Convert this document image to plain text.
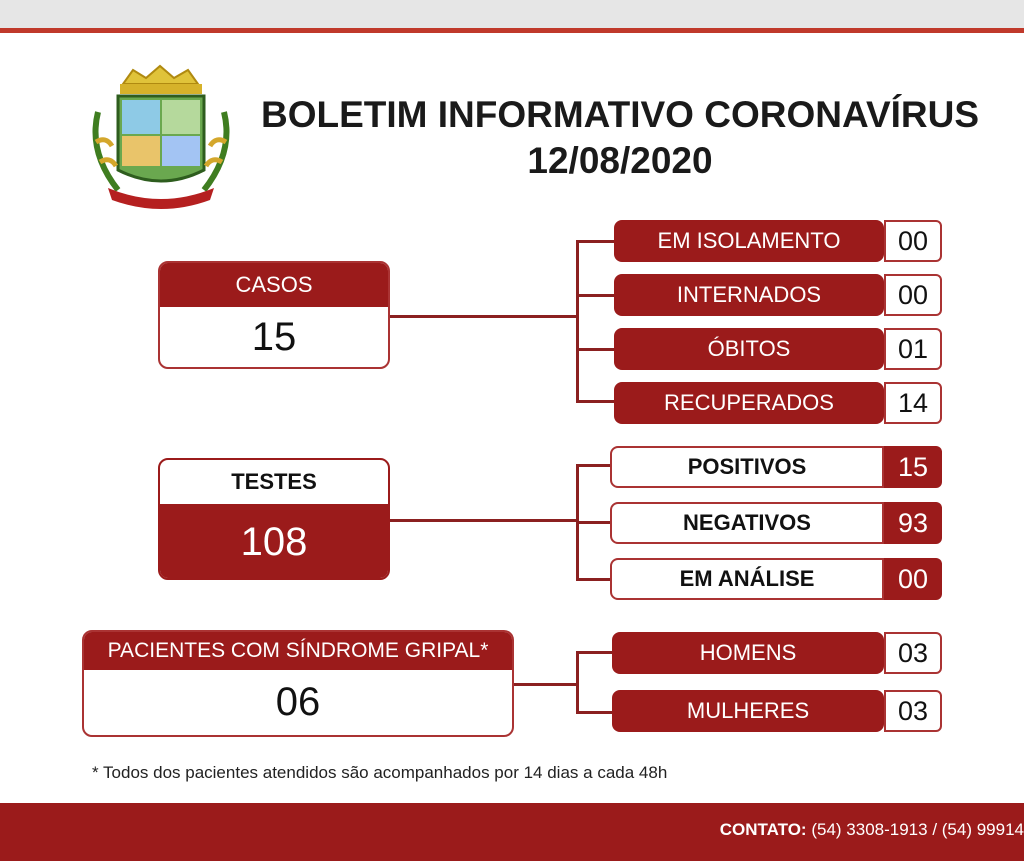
BOLETIM INFORMATIVO CORONAVÍRUS
12/08/2020
CASOS
15
EM ISOLAMENTO	00
INTERNADOS	00
ÓBITOS	01
RECUPERADOS	14
TESTES
108
POSITIVOS	15
NEGATIVOS	93
EM ANÁLISE	00
PACIENTES COM SÍNDROME GRIPAL*
06
HOMENS	03
MULHERES	03
* Todos dos pacientes atendidos são acompanhados por 14 dias a cada 48h
CONTATO: (54) 3308-1913 / (54) 99914
